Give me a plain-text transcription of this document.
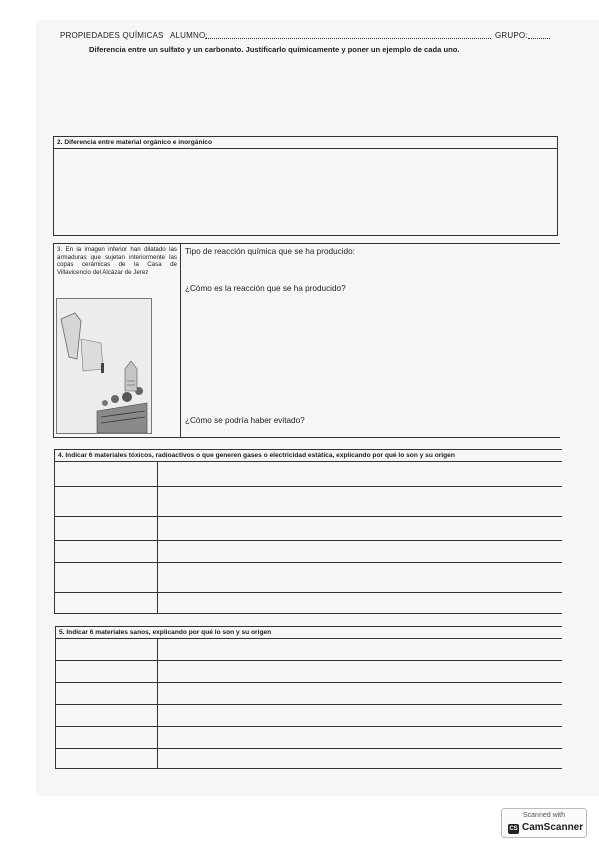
PROPIEDADES QUÍMICAS ALUMNO:	GRUPO:
Diferencia entre un sulfato y un carbonato. Justificarlo químicamente y poner un ejemplo de cada uno.
2. Diferencia entre material orgánico e inorgánico
3. En la imagen inferior han dilatado las armaduras que sujetan interiormente las copas cerámicas de la Casa de Villavicencio del Alcázar de Jerez
Tipo de reacción química que se ha producido:
¿Cómo es la reacción que se ha producido?
¿Cómo se podría haber evitado?
4. Indicar 6 materiales tóxicos, radioactivos o que generen gases o electricidad estática, explicando por qué lo son y su origen
5. Indicar 6 materiales sanos, explicando por qué lo son y su origen
Scanned with
CS CamScanner
